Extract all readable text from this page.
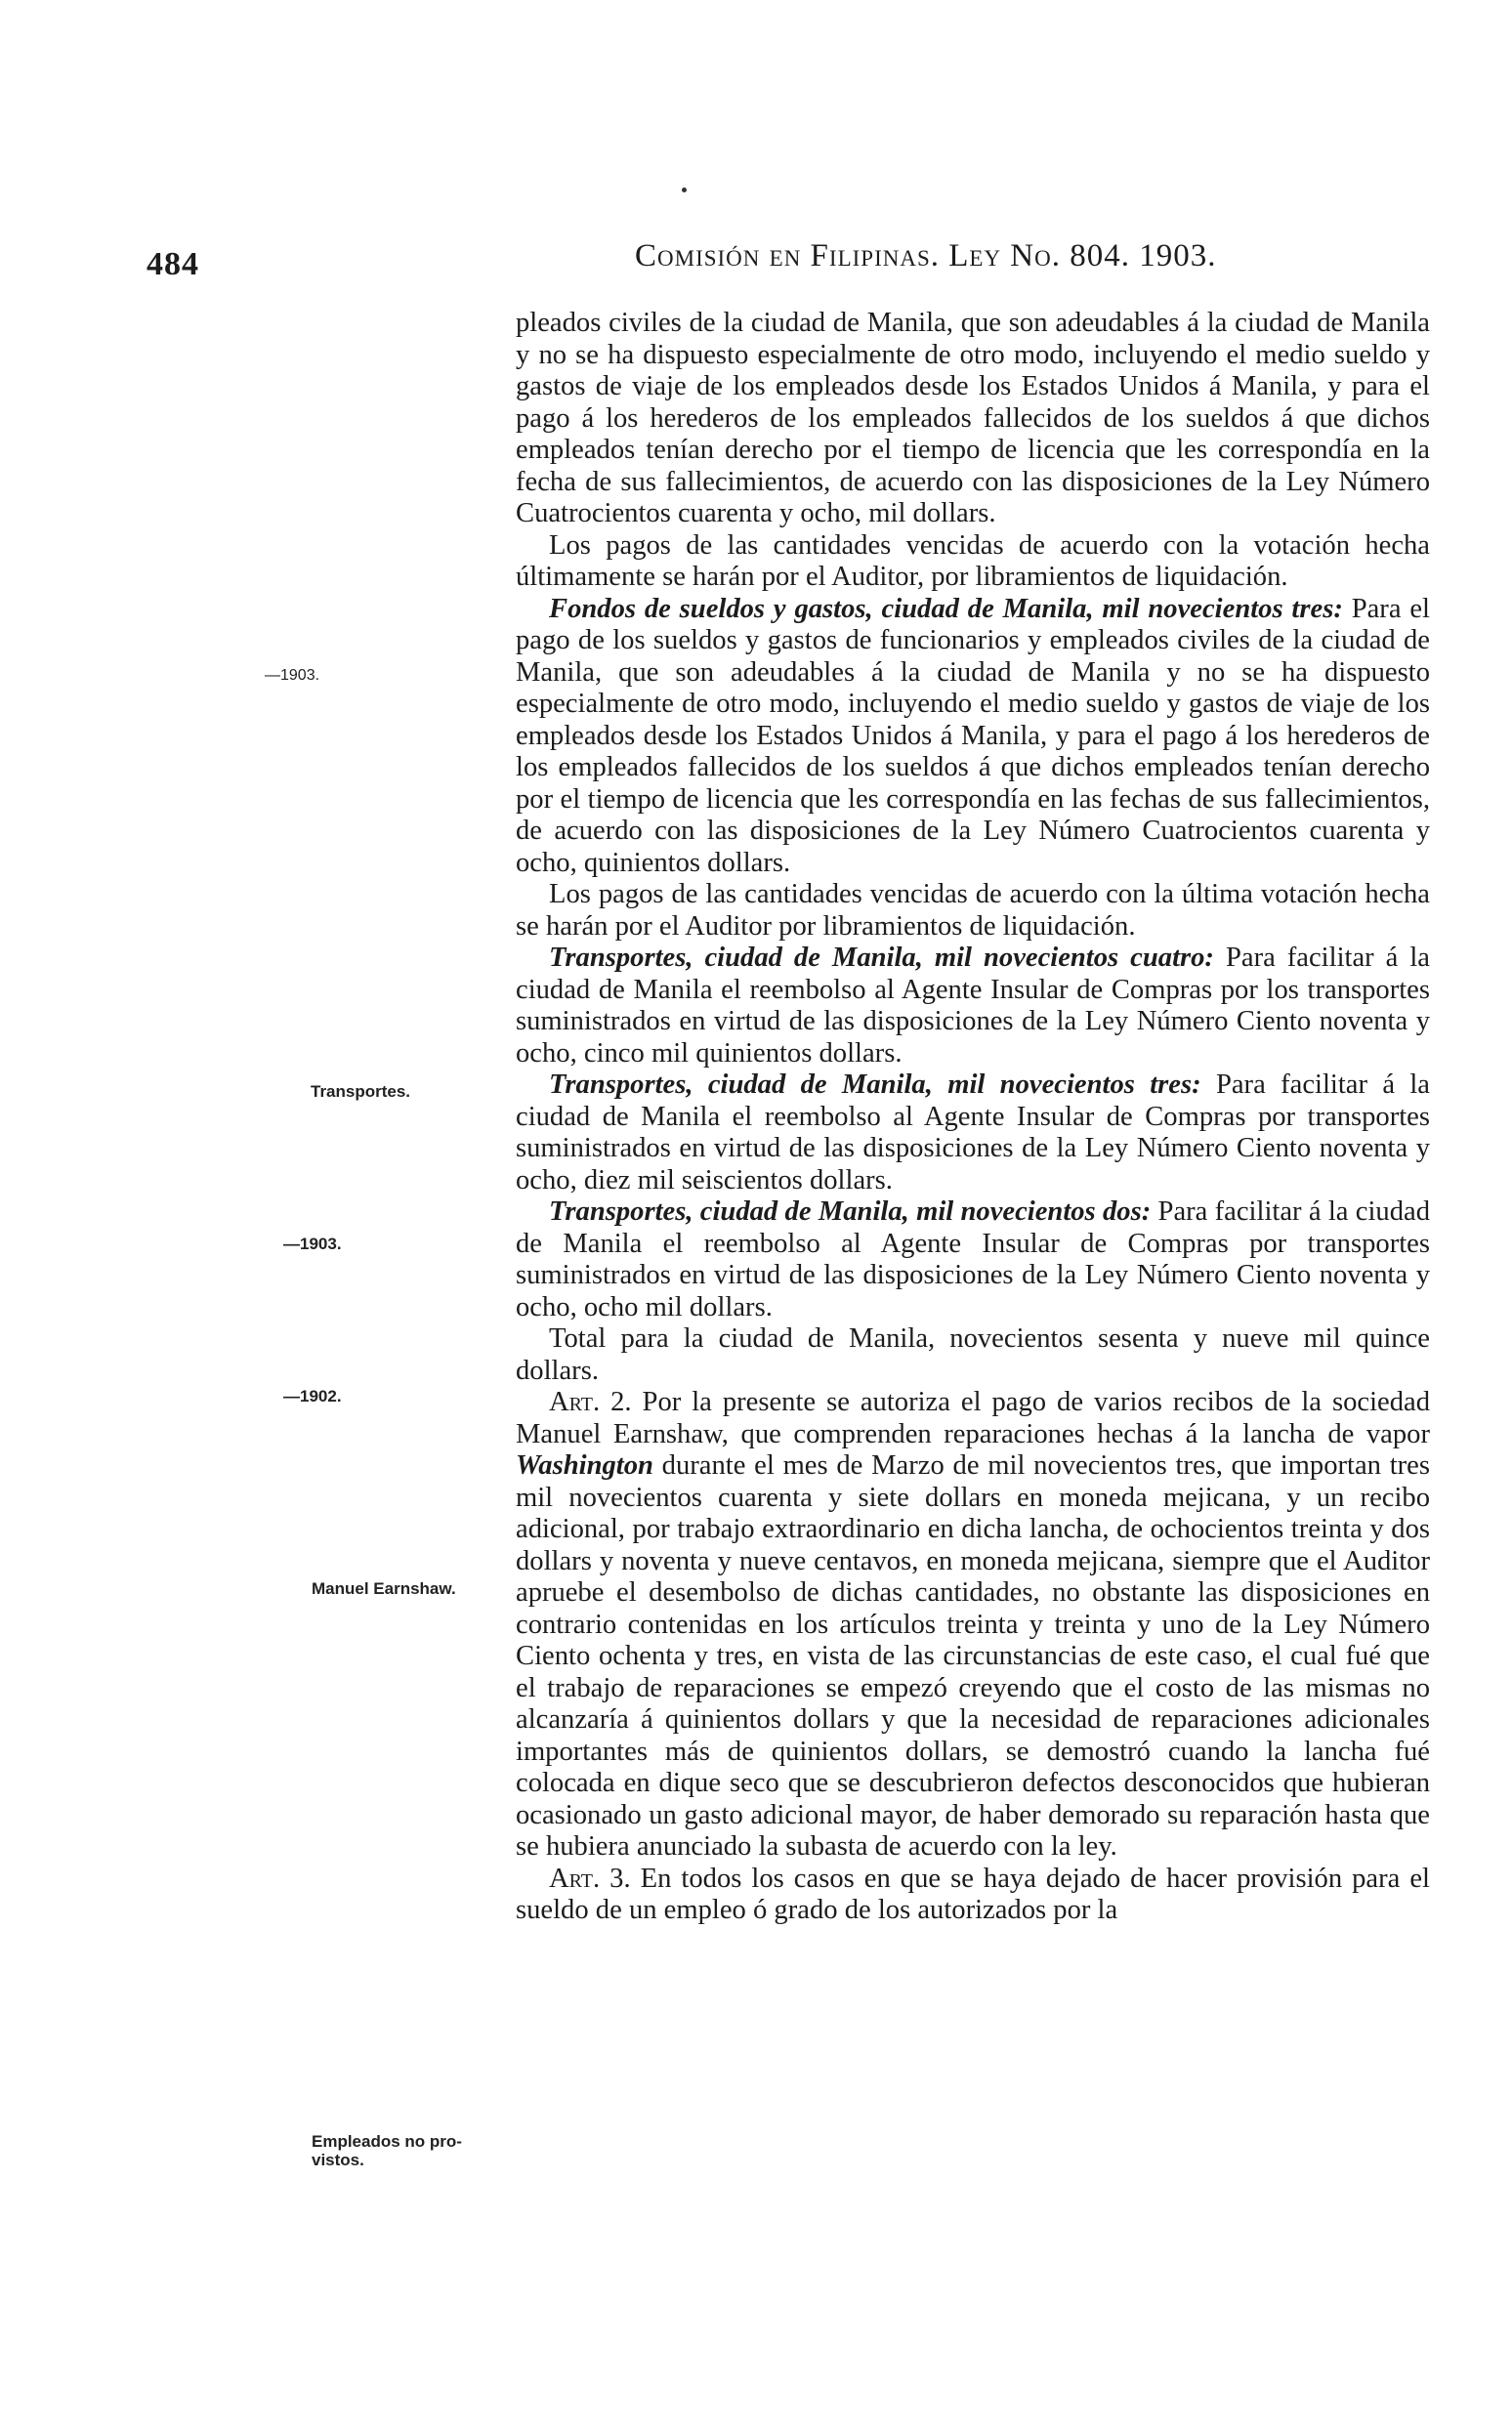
484	Comisión en Filipinas. Ley No. 804. 1903.
—1903.
Transportes.
—1903.
—1902.
Manuel Earnshaw.
Empleados no pro-
vistos.

pleados civiles de la ciudad de Manila, que son adeudables á la ciudad de Manila y no se ha dispuesto especialmente de otro modo, incluyendo el medio sueldo y gastos de viaje de los empleados desde los Estados Unidos á Manila, y para el pago á los herederos de los empleados fallecidos de los sueldos á que dichos empleados tenían derecho por el tiempo de licencia que les correspondía en la fecha de sus fallecimientos, de acuerdo con las disposiciones de la Ley Número Cuatrocientos cuarenta y ocho, mil dollars.

Los pagos de las cantidades vencidas de acuerdo con la votación hecha últimamente se harán por el Auditor, por libramientos de liquidación.

Fondos de sueldos y gastos, ciudad de Manila, mil novecientos tres: Para el pago de los sueldos y gastos de funcionarios y empleados civiles de la ciudad de Manila, que son adeudables á la ciudad de Manila y no se ha dispuesto especialmente de otro modo, incluyendo el medio sueldo y gastos de viaje de los empleados desde los Estados Unidos á Manila, y para el pago á los herederos de los empleados fallecidos de los sueldos á que dichos empleados tenían derecho por el tiempo de licencia que les correspondía en las fechas de sus fallecimientos, de acuerdo con las disposiciones de la Ley Número Cuatrocientos cuarenta y ocho, quinientos dollars.

Los pagos de las cantidades vencidas de acuerdo con la última votación hecha se harán por el Auditor por libramientos de liquidación.

Transportes, ciudad de Manila, mil novecientos cuatro: Para facilitar á la ciudad de Manila el reembolso al Agente Insular de Compras por los transportes suministrados en virtud de las disposiciones de la Ley Número Ciento noventa y ocho, cinco mil quinientos dollars.

Transportes, ciudad de Manila, mil novecientos tres: Para facilitar á la ciudad de Manila el reembolso al Agente Insular de Compras por transportes suministrados en virtud de las disposiciones de la Ley Número Ciento noventa y ocho, diez mil seiscientos dollars.

Transportes, ciudad de Manila, mil novecientos dos: Para facilitar á la ciudad de Manila el reembolso al Agente Insular de Compras por transportes suministrados en virtud de las disposiciones de la Ley Número Ciento noventa y ocho, ocho mil dollars.

Total para la ciudad de Manila, novecientos sesenta y nueve mil quince dollars.

Art. 2. Por la presente se autoriza el pago de varios recibos de la sociedad Manuel Earnshaw, que comprenden reparaciones hechas á la lancha de vapor Washington durante el mes de Marzo de mil novecientos tres, que importan tres mil novecientos cuarenta y siete dollars en moneda mejicana, y un recibo adicional, por trabajo extraordinario en dicha lancha, de ochocientos treinta y dos dollars y noventa y nueve centavos, en moneda mejicana, siempre que el Auditor apruebe el desembolso de dichas cantidades, no obstante las disposiciones en contrario contenidas en los artículos treinta y treinta y uno de la Ley Número Ciento ochenta y tres, en vista de las circunstancias de este caso, el cual fué que el trabajo de reparaciones se empezó creyendo que el costo de las mismas no alcanzaría á quinientos dollars y que la necesidad de reparaciones adicionales importantes más de quinientos dollars, se demostró cuando la lancha fué colocada en dique seco que se descubrieron defectos desconocidos que hubieran ocasionado un gasto adicional mayor, de haber demorado su reparación hasta que se hubiera anunciado la subasta de acuerdo con la ley.

Art. 3. En todos los casos en que se haya dejado de hacer provisión para el sueldo de un empleo ó grado de los autorizados por la
